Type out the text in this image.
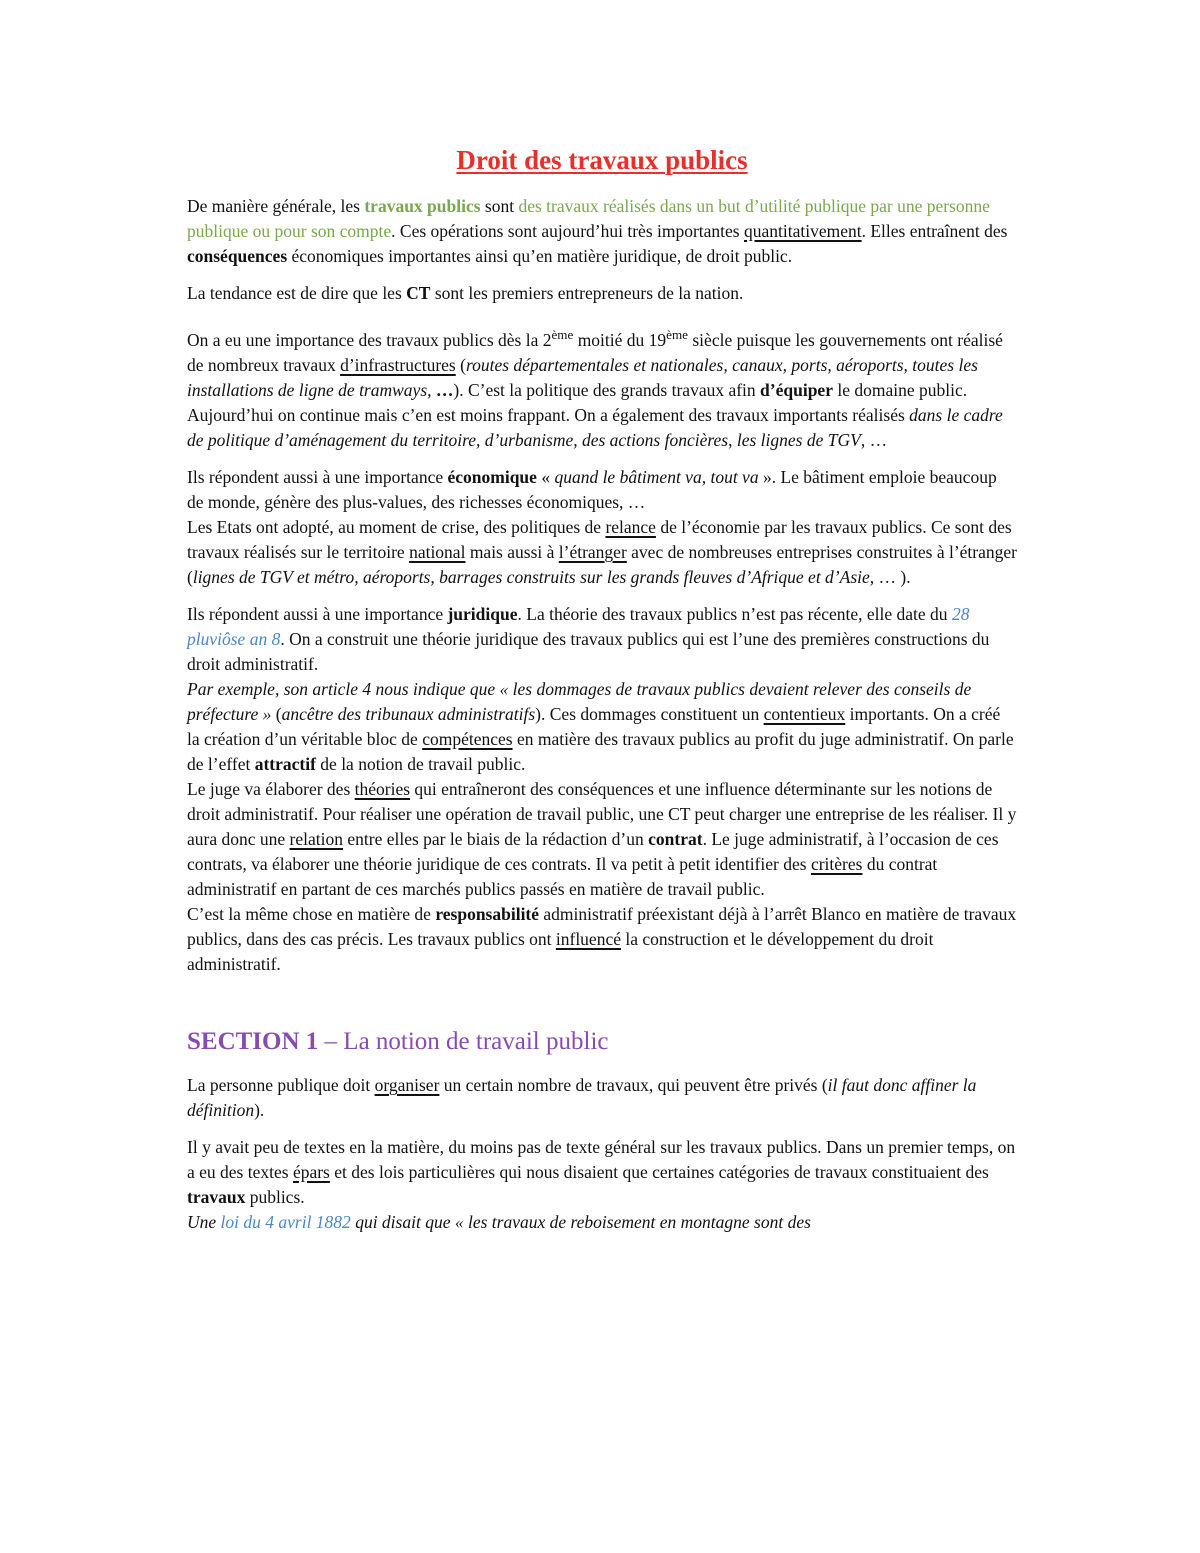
Droit des travaux publics

De manière générale, les travaux publics sont des travaux réalisés dans un but d’utilité publique par une personne publique ou pour son compte. Ces opérations sont aujourd’hui très importantes quantitativement. Elles entraînent des conséquences économiques importantes ainsi qu’en matière juridique, de droit public.

La tendance est de dire que les CT sont les premiers entrepreneurs de la nation.

On a eu une importance des travaux publics dès la 2ème moitié du 19ème siècle puisque les gouvernements ont réalisé de nombreux travaux d’infrastructures (routes départementales et nationales, canaux, ports, aéroports, toutes les installations de ligne de tramways, …). C’est la politique des grands travaux afin d’équiper le domaine public.

Aujourd’hui on continue mais c’en est moins frappant. On a également des travaux importants réalisés dans le cadre de politique d’aménagement du territoire, d’urbanisme, des actions foncières, les lignes de TGV, …

Ils répondent aussi à une importance économique « quand le bâtiment va, tout va ». Le bâtiment emploie beaucoup de monde, génère des plus-values, des richesses économiques, …

Les Etats ont adopté, au moment de crise, des politiques de relance de l’économie par les travaux publics. Ce sont des travaux réalisés sur le territoire national mais aussi à l’étranger avec de nombreuses entreprises construites à l’étranger (lignes de TGV et métro, aéroports, barrages construits sur les grands fleuves d’Afrique et d’Asie, … ).

Ils répondent aussi à une importance juridique. La théorie des travaux publics n’est pas récente, elle date du 28 pluviôse an 8. On a construit une théorie juridique des travaux publics qui est l’une des premières constructions du droit administratif.

Par exemple, son article 4 nous indique que « les dommages de travaux publics devaient relever des conseils de préfecture » (ancêtre des tribunaux administratifs). Ces dommages constituent un contentieux importants. On a créé la création d’un véritable bloc de compétences en matière des travaux publics au profit du juge administratif. On parle de l’effet attractif de la notion de travail public.

Le juge va élaborer des théories qui entraîneront des conséquences et une influence déterminante sur les notions de droit administratif. Pour réaliser une opération de travail public, une CT peut charger une entreprise de les réaliser. Il y aura donc une relation entre elles par le biais de la rédaction d’un contrat. Le juge administratif, à l’occasion de ces contrats, va élaborer une théorie juridique de ces contrats. Il va petit à petit identifier des critères du contrat administratif en partant de ces marchés publics passés en matière de travail public.

C’est la même chose en matière de responsabilité administratif préexistant déjà à l’arrêt Blanco en matière de travaux publics, dans des cas précis. Les travaux publics ont influencé la construction et le développement du droit administratif.

SECTION 1 – La notion de travail public

La personne publique doit organiser un certain nombre de travaux, qui peuvent être privés (il faut donc affiner la définition).

Il y avait peu de textes en la matière, du moins pas de texte général sur les travaux publics. Dans un premier temps, on a eu des textes épars et des lois particulières qui nous disaient que certaines catégories de travaux constituaient des travaux publics.

Une loi du 4 avril 1882 qui disait que « les travaux de reboisement en montagne sont des
